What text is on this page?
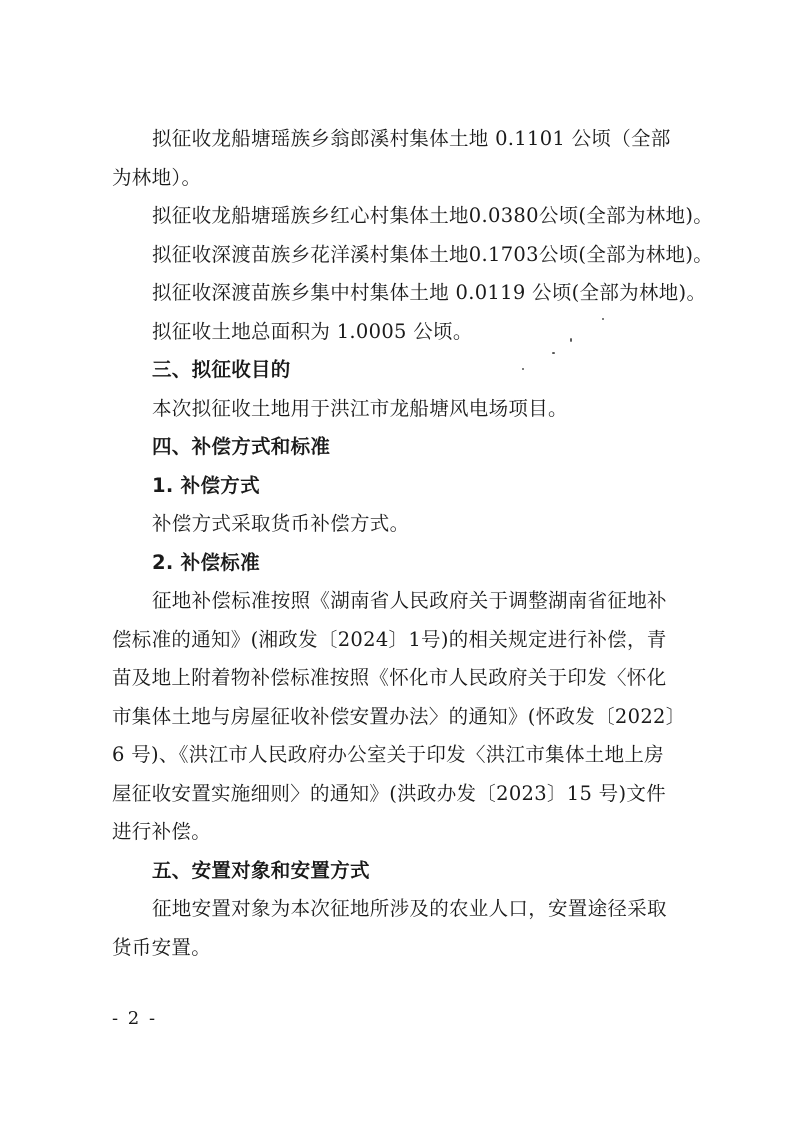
拟征收龙船塘瑶族乡翁郎溪村集体土地 0.1101 公顷（全部

为林地）。

拟征收龙船塘瑶族乡红心村集体土地0.0380公顷(全部为林地)。

拟征收深渡苗族乡花洋溪村集体土地0.1703公顷(全部为林地)。

拟征收深渡苗族乡集中村集体土地 0.0119 公顷(全部为林地)。

拟征收土地总面积为 1.0005 公顷。

三、拟征收目的

本次拟征收土地用于洪江市龙船塘风电场项目。

四、补偿方式和标准

1. 补偿方式

补偿方式采取货币补偿方式。

2. 补偿标准

征地补偿标准按照《湖南省人民政府关于调整湖南省征地补

偿标准的通知》(湘政发〔2024〕1号)的相关规定进行补偿，青

苗及地上附着物补偿标准按照《怀化市人民政府关于印发〈怀化

市集体土地与房屋征收补偿安置办法〉的通知》(怀政发〔2022〕

6 号)、《洪江市人民政府办公室关于印发〈洪江市集体土地上房

屋征收安置实施细则〉的通知》(洪政办发〔2023〕15 号)文件

进行补偿。

五、安置对象和安置方式

征地安置对象为本次征地所涉及的农业人口，安置途径采取

货币安置。

- 2 -
